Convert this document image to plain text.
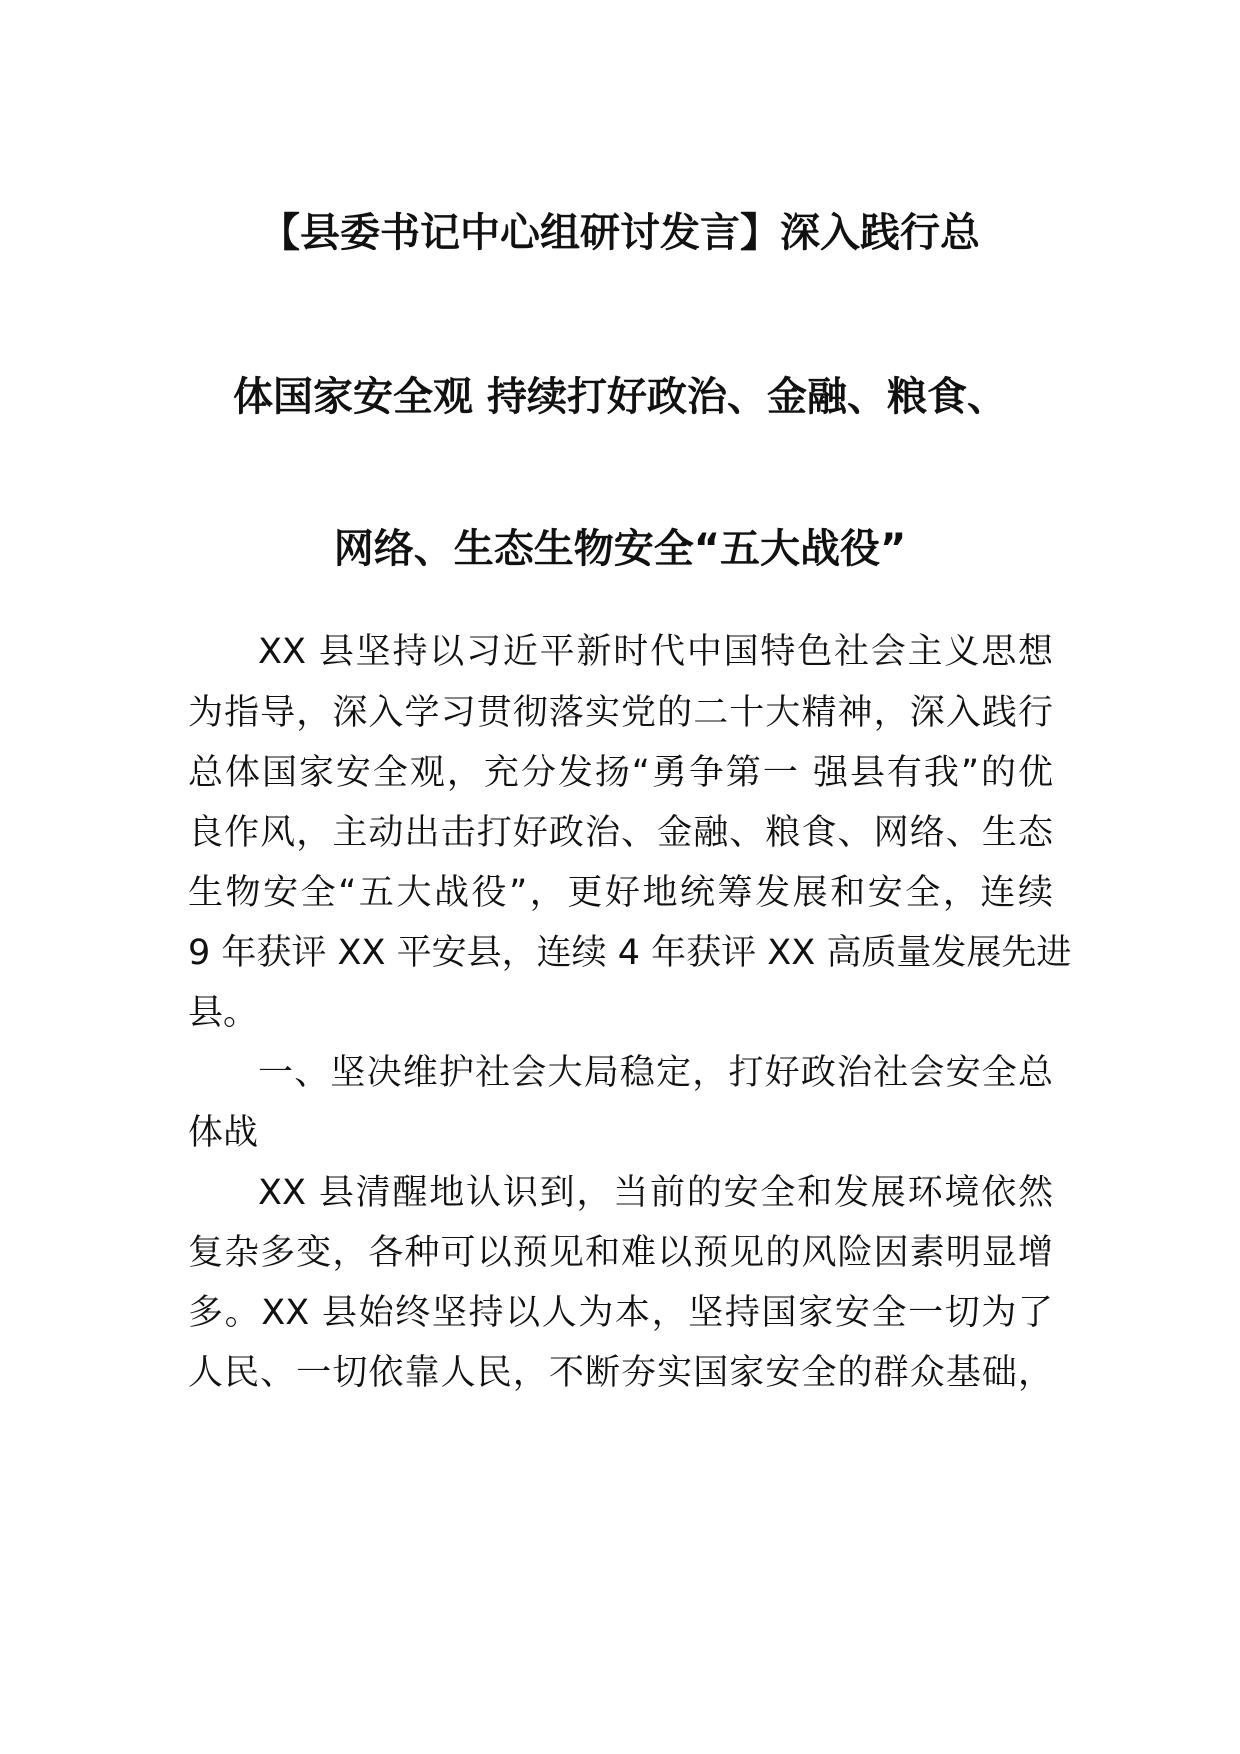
【县委书记中心组研讨发言】深入践行总
体国家安全观 持续打好政治、金融、粮食、
网络、生态生物安全“五大战役”

XX 县坚持以习近平新时代中国特色社会主义思想

为指导，深入学习贯彻落实党的二十大精神，深入践行

总体国家安全观，充分发扬“勇争第一 强县有我”的优

良作风，主动出击打好政治、金融、粮食、网络、生态

生物安全“五大战役”，更好地统筹发展和安全，连续

9 年获评 XX 平安县，连续 4 年获评 XX 高质量发展先进

县。

一、坚决维护社会大局稳定，打好政治社会安全总

体战

XX 县清醒地认识到，当前的安全和发展环境依然

复杂多变，各种可以预见和难以预见的风险因素明显增

多。XX 县始终坚持以人为本，坚持国家安全一切为了

人民、一切依靠人民，不断夯实国家安全的群众基础，
